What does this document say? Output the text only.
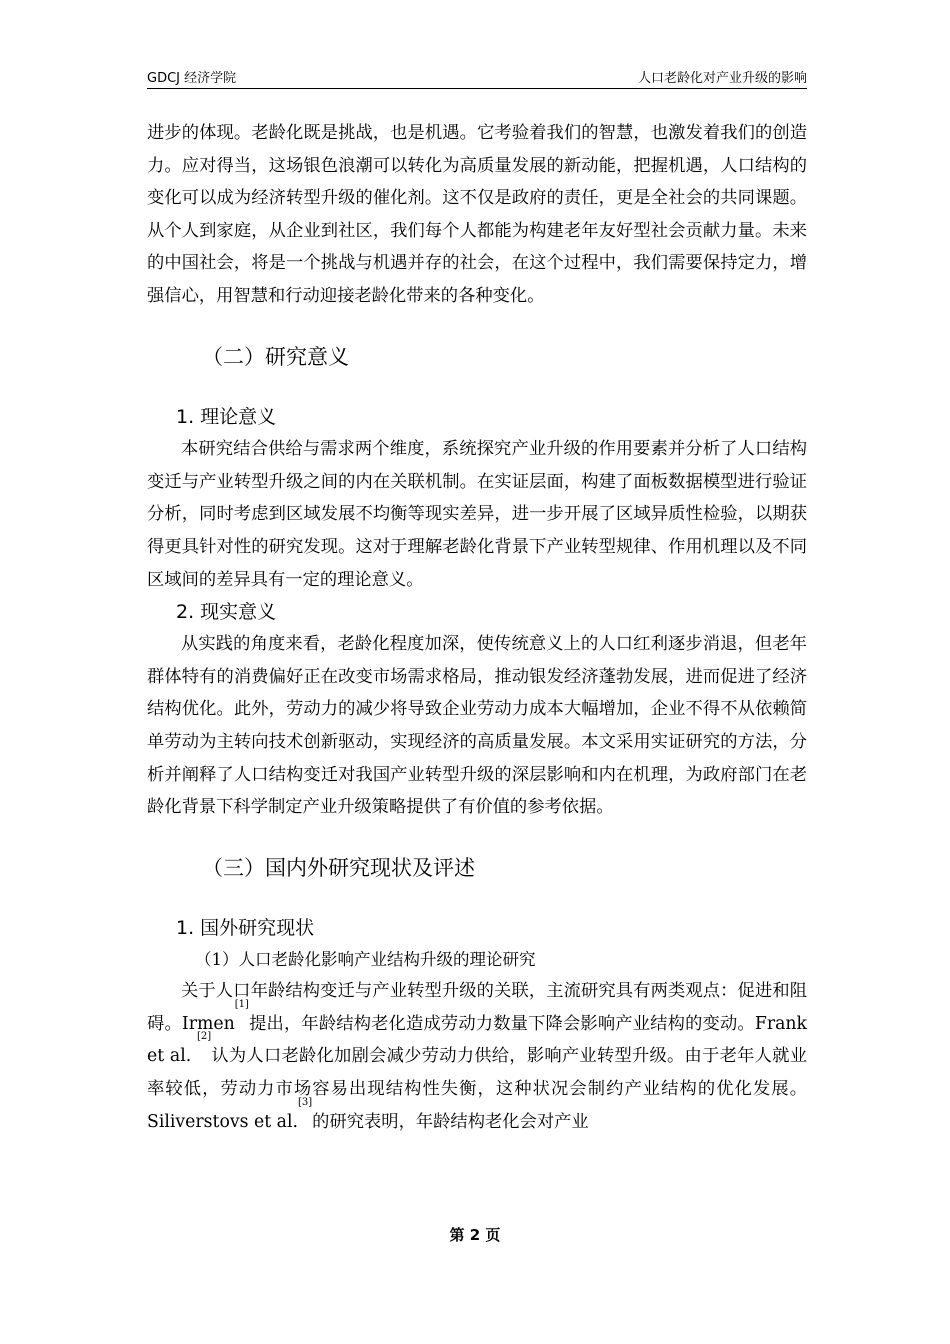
GDCJ 经济学院	人口老龄化对产业升级的影响

进步的体现。老龄化既是挑战，也是机遇。它考验着我们的智慧，也激发着我们的创造力。应对得当，这场银色浪潮可以转化为高质量发展的新动能，把握机遇，人口结构的变化可以成为经济转型升级的催化剂。这不仅是政府的责任，更是全社会的共同课题。从个人到家庭，从企业到社区，我们每个人都能为构建老年友好型社会贡献力量。未来的中国社会，将是一个挑战与机遇并存的社会，在这个过程中，我们需要保持定力，增强信心，用智慧和行动迎接老龄化带来的各种变化。

（二）研究意义

1. 理论意义

本研究结合供给与需求两个维度，系统探究产业升级的作用要素并分析了人口结构变迁与产业转型升级之间的内在关联机制。在实证层面，构建了面板数据模型进行验证分析，同时考虑到区域发展不均衡等现实差异，进一步开展了区域异质性检验，以期获得更具针对性的研究发现。这对于理解老龄化背景下产业转型规律、作用机理以及不同区域间的差异具有一定的理论意义。

2. 现实意义

从实践的角度来看，老龄化程度加深，使传统意义上的人口红利逐步消退，但老年群体特有的消费偏好正在改变市场需求格局，推动银发经济蓬勃发展，进而促进了经济结构优化。此外，劳动力的减少将导致企业劳动力成本大幅增加，企业不得不从依赖简单劳动为主转向技术创新驱动，实现经济的高质量发展。本文采用实证研究的方法，分析并阐释了人口结构变迁对我国产业转型升级的深层影响和内在机理，为政府部门在老龄化背景下科学制定产业升级策略提供了有价值的参考依据。

（三）国内外研究现状及评述

1. 国外研究现状

（1）人口老龄化影响产业结构升级的理论研究

关于人口年龄结构变迁与产业转型升级的关联，主流研究具有两类观点：促进和阻碍。Irmen[1]提出，年龄结构老化造成劳动力数量下降会影响产业结构的变动。Frank et al. [2]认为人口老龄化加剧会减少劳动力供给，影响产业转型升级。由于老年人就业率较低，劳动力市场容易出现结构性失衡，这种状况会制约产业结构的优化发展。Siliverstovs et al.[3]的研究表明，年龄结构老化会对产业

第 2 页
